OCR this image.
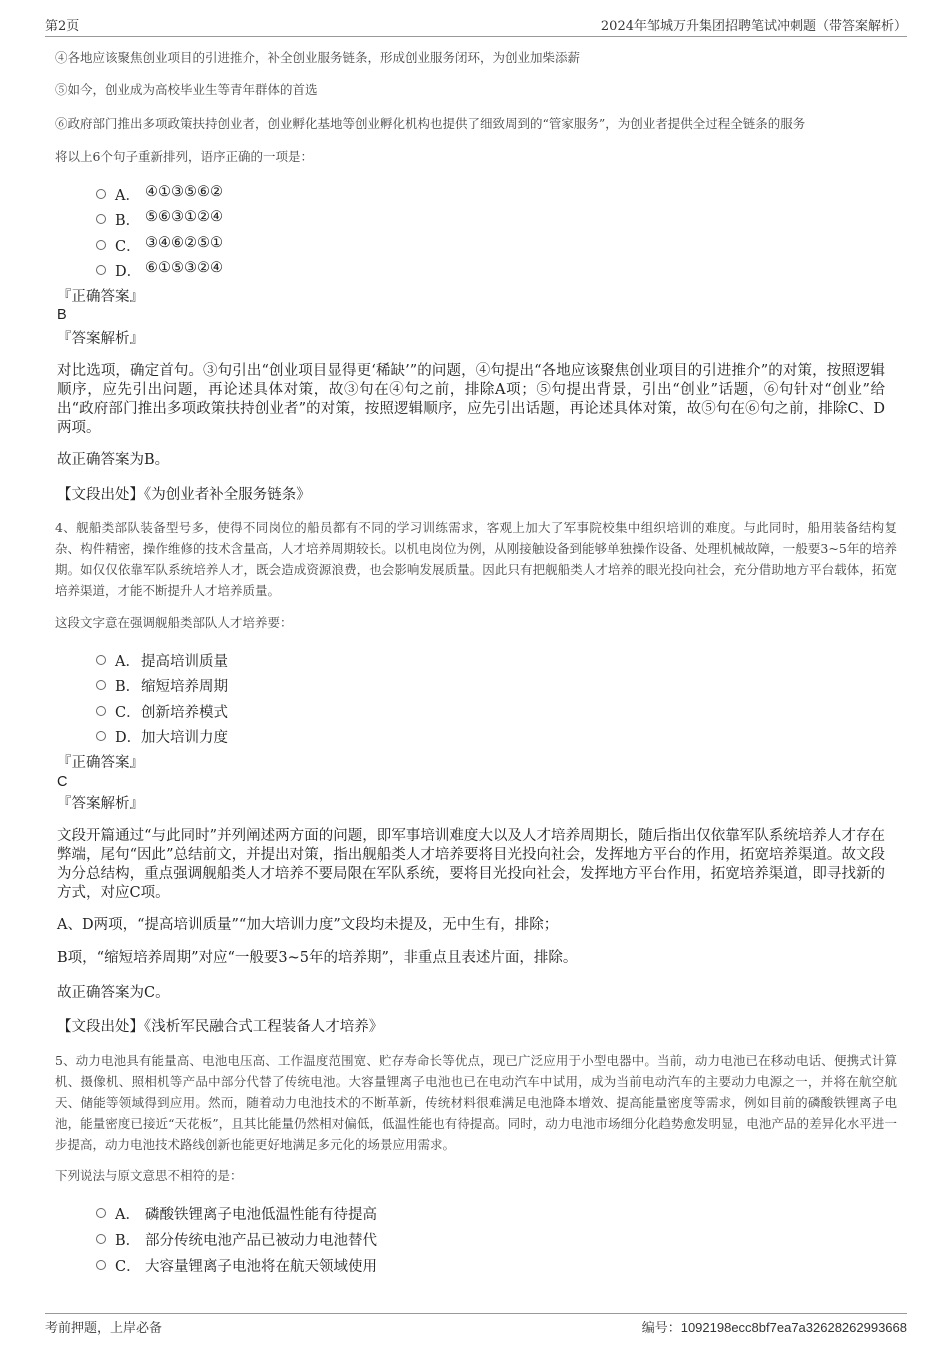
第2页	2024年邹城万升集团招聘笔试冲刺题（带答案解析）
④各地应该聚焦创业项目的引进推介，补全创业服务链条，形成创业服务闭环，为创业加柴添薪
⑤如今，创业成为高校毕业生等青年群体的首选
⑥政府部门推出多项政策扶持创业者，创业孵化基地等创业孵化机构也提供了细致周到的“管家服务”，为创业者提供全过程全链条的服务
将以上6个句子重新排列，语序正确的一项是：
A． ④①③⑤⑥②
B． ⑤⑥③①②④
C． ③④⑥②⑤①
D． ⑥①⑤③②④
『正确答案』
B
『答案解析』
对比选项，确定首句。③句引出“创业项目显得更‘稀缺’”的问题，④句提出“各地应该聚焦创业项目的引进推介”的对策，按照逻辑顺序，应先引出问题，再论述具体对策，故③句在④句之前，排除A项；⑤句提出背景，引出“创业”话题，⑥句针对“创业”给出“政府部门推出多项政策扶持创业者”的对策，按照逻辑顺序，应先引出话题，再论述具体对策，故⑤句在⑥句之前，排除C、D两项。
故正确答案为B。
【文段出处】《为创业者补全服务链条》
4、舰船类部队装备型号多，使得不同岗位的船员都有不同的学习训练需求，客观上加大了军事院校集中组织培训的难度。与此同时，船用装备结构复杂、构件精密，操作维修的技术含量高，人才培养周期较长。以机电岗位为例，从刚接触设备到能够单独操作设备、处理机械故障，一般要3~5年的培养期。如仅仅依靠军队系统培养人才，既会造成资源浪费，也会影响发展质量。因此只有把舰船类人才培养的眼光投向社会，充分借助地方平台载体，拓宽培养渠道，才能不断提升人才培养质量。
这段文字意在强调舰船类部队人才培养要：
A． 提高培训质量
B． 缩短培养周期
C． 创新培养模式
D． 加大培训力度
『正确答案』
C
『答案解析』
文段开篇通过“与此同时”并列阐述两方面的问题，即军事培训难度大以及人才培养周期长，随后指出仅依靠军队系统培养人才存在弊端，尾句“因此”总结前文，并提出对策，指出舰船类人才培养要将目光投向社会，发挥地方平台的作用，拓宽培养渠道。故文段为分总结构，重点强调舰船类人才培养不要局限在军队系统，要将目光投向社会，发挥地方平台作用，拓宽培养渠道，即寻找新的方式，对应C项。
A、D两项，“提高培训质量”“加大培训力度”文段均未提及，无中生有，排除；
B项，“缩短培养周期”对应“一般要3~5年的培养期”，非重点且表述片面，排除。
故正确答案为C。
【文段出处】《浅析军民融合式工程装备人才培养》
5、动力电池具有能量高、电池电压高、工作温度范围宽、贮存寿命长等优点，现已广泛应用于小型电器中。当前，动力电池已在移动电话、便携式计算机、摄像机、照相机等产品中部分代替了传统电池。大容量锂离子电池也已在电动汽车中试用，成为当前电动汽车的主要动力电源之一，并将在航空航天、储能等领域得到应用。然而，随着动力电池技术的不断革新，传统材料很难满足电池降本增效、提高能量密度等需求，例如目前的磷酸铁锂离子电池，能量密度已接近“天花板”，且其比能量仍然相对偏低，低温性能也有待提高。同时，动力电池市场细分化趋势愈发明显，电池产品的差异化水平进一步提高，动力电池技术路线创新也能更好地满足多元化的场景应用需求。
下列说法与原文意思不相符的是：
A． 磷酸铁锂离子电池低温性能有待提高
B． 部分传统电池产品已被动力电池替代
C． 大容量锂离子电池将在航天领域使用
考前押题，上岸必备	编号：1092198ecc8bf7ea7a32628262993668
